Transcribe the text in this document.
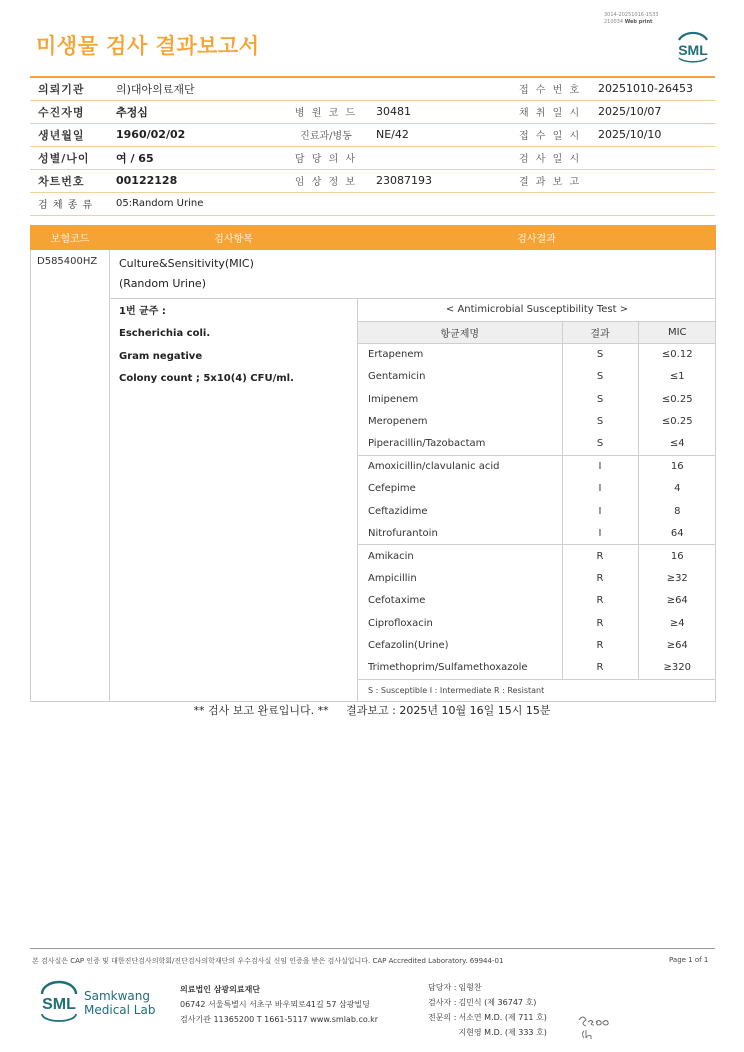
미생물 검사 결과보고서
3014-20251016-1533
210034 Web print
SML
의뢰기관	의)대아의료재단			접 수 번 호	20251010-26453
수진자명	추정심	병 원 코 드	30481	채 취 일 시	2025/10/07
생년월일	1960/02/02	진료과/병동	NE/42	접 수 일 시	2025/10/10
성별/나이	여 / 65	담 당 의 사		검 사 일 시	
차트번호	00122128	임 상 정 보	23087193	결 과 보 고	
검 체 종 류	05:Random Urine				
보험코드	검사항목	검사결과
D585400HZ	Culture&Sensitivity(MIC)
(Random Urine)

1번 균주 :
Escherichia coli.
Gram negative
Colony count ; 5x10(4) CFU/ml.

< Antimicrobial Susceptibility Test >
항균제명	결과	MIC
Ertapenem	S	≤0.12
Gentamicin	S	≤1
Imipenem	S	≤0.25
Meropenem	S	≤0.25
Piperacillin/Tazobactam	S	≤4
Amoxicillin/clavulanic acid	I	16
Cefepime	I	4
Ceftazidime	I	8
Nitrofurantoin	I	64
Amikacin	R	16
Ampicillin	R	≥32
Cefotaxime	R	≥64
Ciprofloxacin	R	≥4
Cefazolin(Urine)	R	≥64
Trimethoprim/Sulfamethoxazole	R	≥320
S : Susceptible I : Intermediate R : Resistant
** 검사 보고 완료입니다. ** 결과보고 : 2025년 10월 16일 15시 15분
본 검사실은 CAP 인증 및 대한진단검사의학회/진단검사의학재단의 우수검사실 신임 인증을 받은 검사실입니다. CAP Accredited Laboratory. 69944-01	Page 1 of 1
SML Samkwang
Medical Lab
의료법인 삼광의료재단
06742 서울특별시 서초구 바우뫼로41길 57 삼광빌딩
검사기관 11365200 T 1661-5117 www.smlab.co.kr
담당자 :	임형찬
검사자 :	김민식 (제 36747 호)
전문의 :	서소연 M.D. (제 711 호)
	지현영 M.D. (제 333 호)
